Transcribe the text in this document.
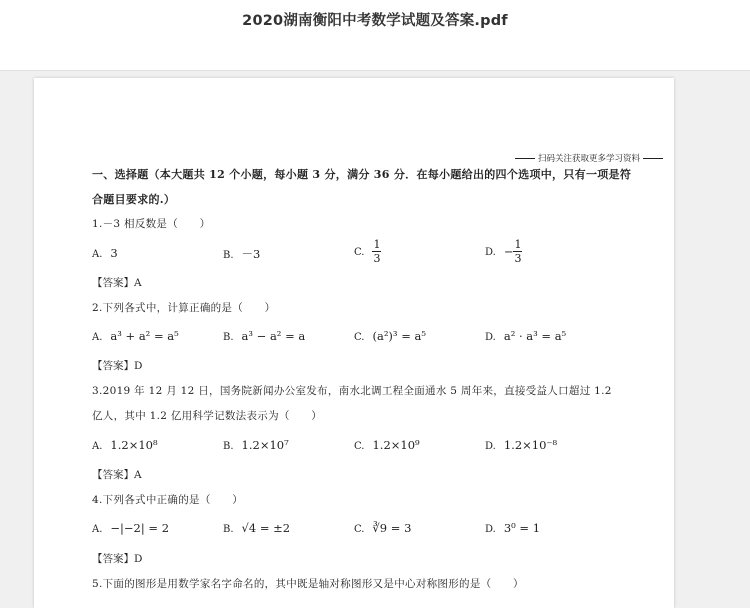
2020湖南衡阳中考数学试题及答案.pdf
扫码关注获取更多学习资料
一、选择题（本大题共 12 个小题，每小题 3 分，满分 36 分．在每小题给出的四个选项中，只有一项是符
合题目要求的.）
1.－3 相反数是（　　）
A. 3	B. －3	C. $\frac{1}{3}$	D. − $\frac{1}{3}$
【答案】A
2.下列各式中，计算正确的是（　　）
A. a³ + a² = a⁵	B. a³ − a² = a	C. (a²)³ = a⁵	D. a² · a³ = a⁵
【答案】D
3.2019 年 12 月 12 日，国务院新闻办公室发布，南水北调工程全面通水 5 周年来，直接受益人口超过 1.2
亿人，其中 1.2 亿用科学记数法表示为（　　）
A. 1.2×10⁸	B. 1.2×10⁷	C. 1.2×10⁹	D. 1.2×10⁻⁸
【答案】A
4.下列各式中正确的是（　　）
A. −|−2| = 2	B. √4 = ±2	C. ∛9 = 3	D. 3⁰ = 1
【答案】D
5.下面的图形是用数学家名字命名的，其中既是轴对称图形又是中心对称图形的是（　　）
